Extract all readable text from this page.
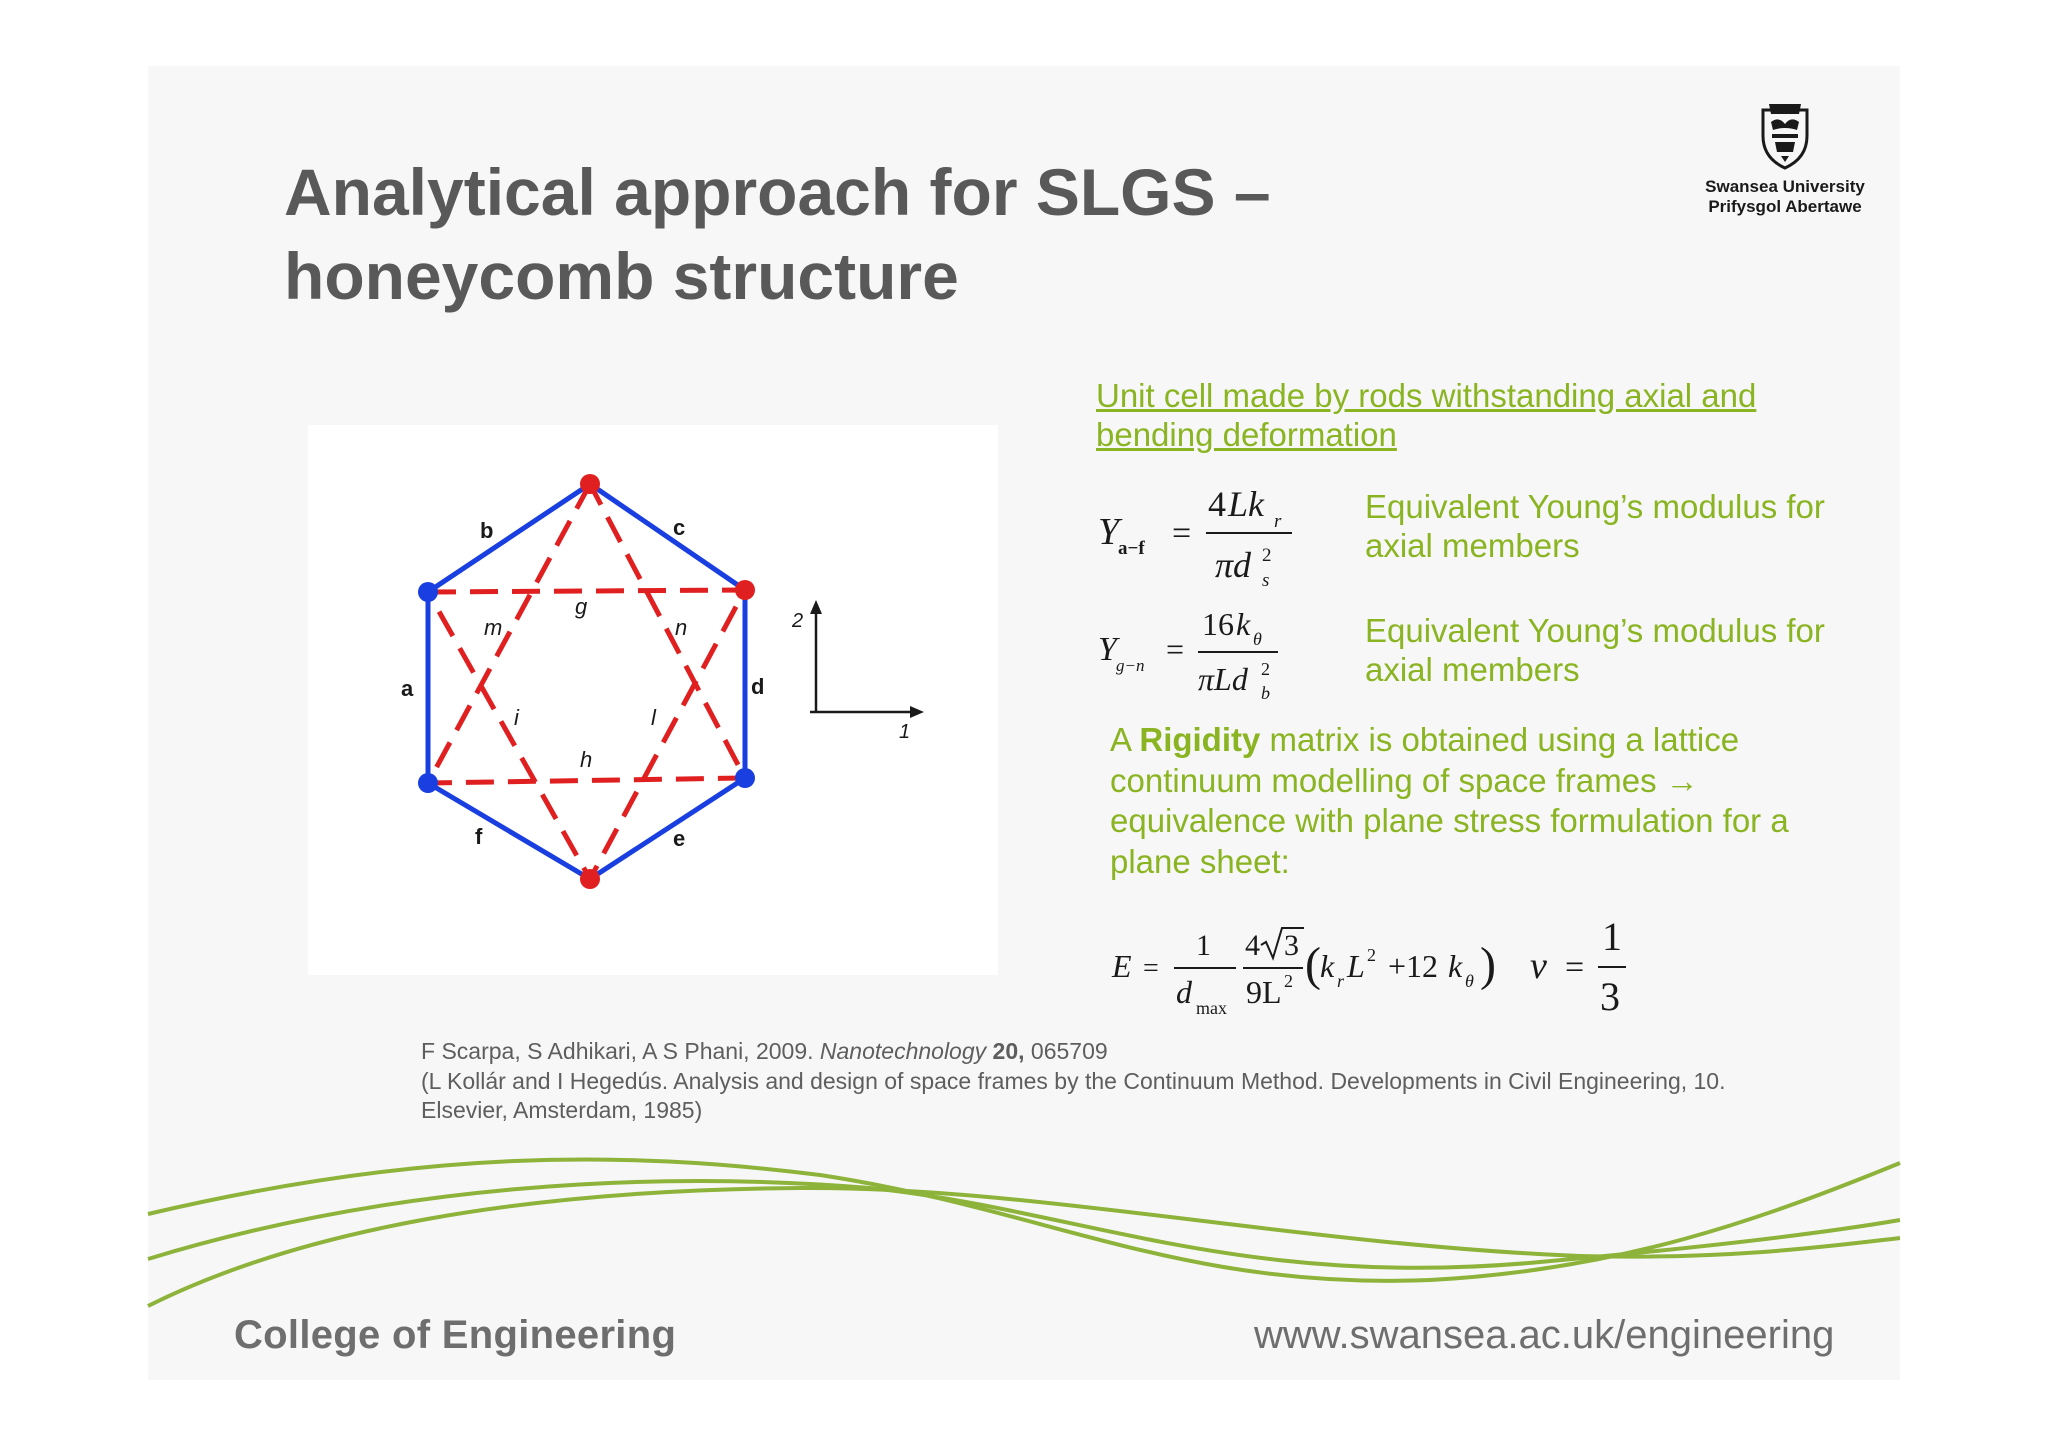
Analytical approach for SLGS –
honeycomb structure
Swansea University
Prifysgol Abertawe
a
b	c
d
e
f
g
h
i	l
m	n	2
1
Y
a−f =
4 Lk r
πd 2
s
Y g−n =
16 k θ
πLd 2
b
E =
1
d max
4 3
9L 2 ( k r L 2 +12 k θ ) ν =
1
3
Unit cell made by rods withstanding axial and
bending deformation
Equivalent Young’s modulus for
axial members
Equivalent Young’s modulus for
axial members
A Rigidity matrix is obtained using a lattice
continuum modelling of space frames →
equivalence with plane stress formulation for a
plane sheet:
F Scarpa, S Adhikari, A S Phani, 2009. Nanotechnology 20, 065709
(L Kollár and I Hegedús. Analysis and design of space frames by the Continuum Method. Developments in Civil Engineering, 10.
Elsevier, Amsterdam, 1985)
College of Engineering	www.swansea.ac.uk/engineering
